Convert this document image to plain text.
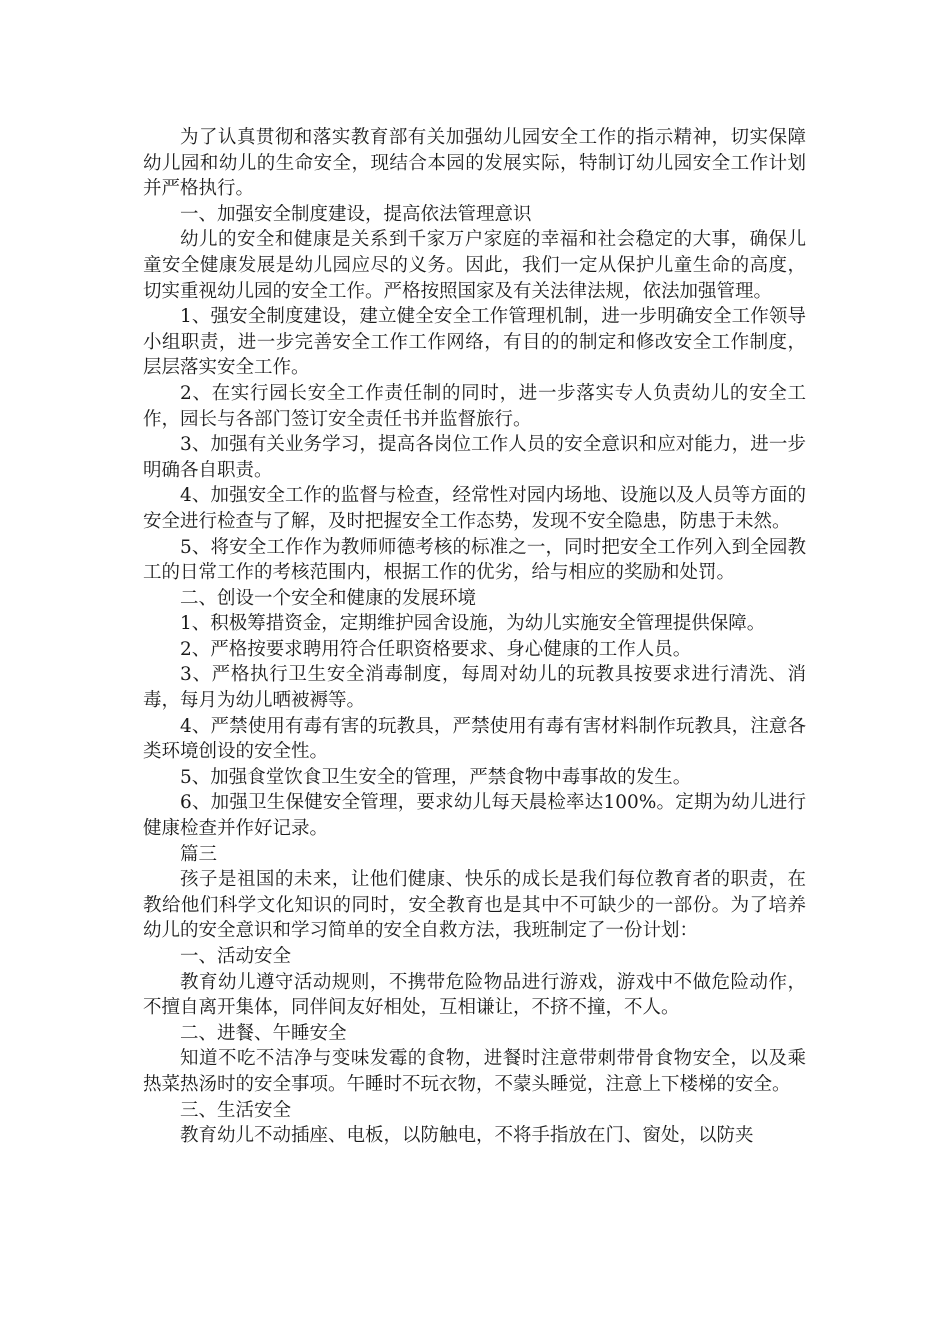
为了认真贯彻和落实教育部有关加强幼儿园安全工作的指示精神，切实保障幼儿园和幼儿的生命安全，现结合本园的发展实际，特制订幼儿园安全工作计划并严格执行。

一、加强安全制度建设，提高依法管理意识

幼儿的安全和健康是关系到千家万户家庭的幸福和社会稳定的大事，确保儿童安全健康发展是幼儿园应尽的义务。因此，我们一定从保护儿童生命的高度，切实重视幼儿园的安全工作。严格按照国家及有关法律法规，依法加强管理。

1、强安全制度建设，建立健全安全工作管理机制，进一步明确安全工作领导小组职责，进一步完善安全工作工作网络，有目的的制定和修改安全工作制度，层层落实安全工作。

2、在实行园长安全工作责任制的同时，进一步落实专人负责幼儿的安全工作，园长与各部门签订安全责任书并监督旅行。

3、加强有关业务学习，提高各岗位工作人员的安全意识和应对能力，进一步明确各自职责。

4、加强安全工作的监督与检查，经常性对园内场地、设施以及人员等方面的安全进行检查与了解，及时把握安全工作态势，发现不安全隐患，防患于未然。

5、将安全工作作为教师师德考核的标准之一，同时把安全工作列入到全园教工的日常工作的考核范围内，根据工作的优劣，给与相应的奖励和处罚。

二、创设一个安全和健康的发展环境

1、积极筹措资金，定期维护园舍设施，为幼儿实施安全管理提供保障。

2、严格按要求聘用符合任职资格要求、身心健康的工作人员。

3、严格执行卫生安全消毒制度，每周对幼儿的玩教具按要求进行清洗、消毒，每月为幼儿晒被褥等。

4、严禁使用有毒有害的玩教具，严禁使用有毒有害材料制作玩教具，注意各类环境创设的安全性。

5、加强食堂饮食卫生安全的管理，严禁食物中毒事故的发生。

6、加强卫生保健安全管理，要求幼儿每天晨检率达100%。定期为幼儿进行健康检查并作好记录。

篇三

孩子是祖国的未来，让他们健康、快乐的成长是我们每位教育者的职责，在教给他们科学文化知识的同时，安全教育也是其中不可缺少的一部份。为了培养幼儿的安全意识和学习简单的安全自救方法，我班制定了一份计划：

一、活动安全

教育幼儿遵守活动规则，不携带危险物品进行游戏，游戏中不做危险动作，不擅自离开集体，同伴间友好相处，互相谦让，不挤不撞，不人。

二、进餐、午睡安全

知道不吃不洁净与变味发霉的食物，进餐时注意带刺带骨食物安全，以及乘热菜热汤时的安全事项。午睡时不玩衣物，不蒙头睡觉，注意上下楼梯的安全。

三、生活安全

教育幼儿不动插座、电板，以防触电，不将手指放在门、窗处，以防夹
